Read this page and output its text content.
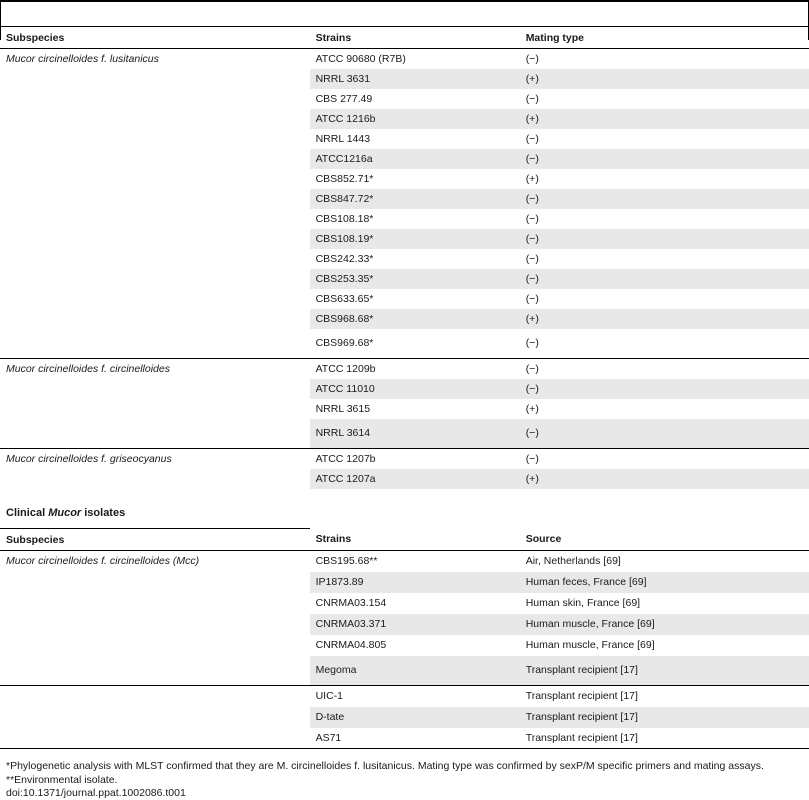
Subspecies	Strains	Mating type
Mucor circinelloides f. lusitanicus	ATCC 90680 (R7B)	(−)
	NRRL 3631	(+)
	CBS 277.49	(−)
	ATCC 1216b	(+)
	NRRL 1443	(−)
	ATCC1216a	(−)
	CBS852.71*	(+)
	CBS847.72*	(−)
	CBS108.18*	(−)
	CBS108.19*	(−)
	CBS242.33*	(−)
	CBS253.35*	(−)
	CBS633.65*	(−)
	CBS968.68*	(+)
	CBS969.68*	(−)
Mucor circinelloides f. circinelloides	ATCC 1209b	(−)
	ATCC 11010	(−)
	NRRL 3615	(+)
	NRRL 3614	(−)
Mucor circinelloides f. griseocyanus	ATCC 1207b	(−)
	ATCC 1207a	(+)
Clinical Mucor isolates
Subspecies	Strains	Source
Mucor circinelloides f. circinelloides (Mcc)	CBS195.68**	Air, Netherlands [69]
	IP1873.89	Human feces, France [69]
	CNRMA03.154	Human skin, France [69]
	CNRMA03.371	Human muscle, France [69]
	CNRMA04.805	Human muscle, France [69]
	Megoma	Transplant recipient [17]
	UIC-1	Transplant recipient [17]
	D-tate	Transplant recipient [17]
	AS71	Transplant recipient [17]
*Phylogenetic analysis with MLST confirmed that they are M. circinelloides f. lusitanicus. Mating type was confirmed by sexP/M specific primers and mating assays.
**Environmental isolate.
doi:10.1371/journal.ppat.1002086.t001
